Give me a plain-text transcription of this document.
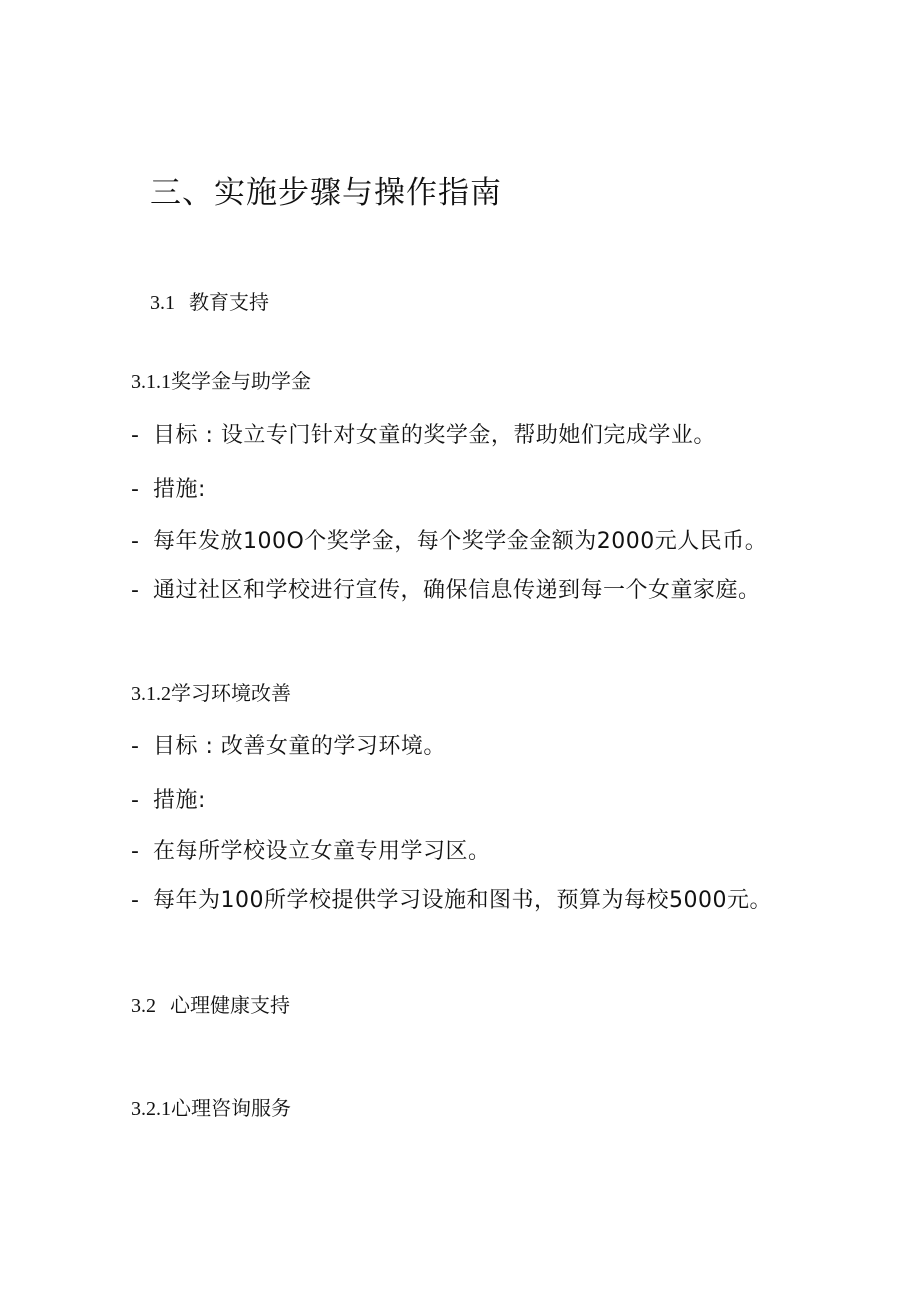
三、实施步骤与操作指南
3.1 教育支持
3.1.1奖学金与助学金
- 目标 : 设立专门针对女童的奖学金，帮助她们完成学业。
- 措施:
- 每年发放100O个奖学金，每个奖学金金额为2000元人民币。
- 通过社区和学校进行宣传，确保信息传递到每一个女童家庭。
3.1.2学习环境改善
- 目标 : 改善女童的学习环境。
- 措施:
- 在每所学校设立女童专用学习区。
- 每年为100所学校提供学习设施和图书，预算为每校5000元。
3.2 心理健康支持
3.2.1心理咨询服务
